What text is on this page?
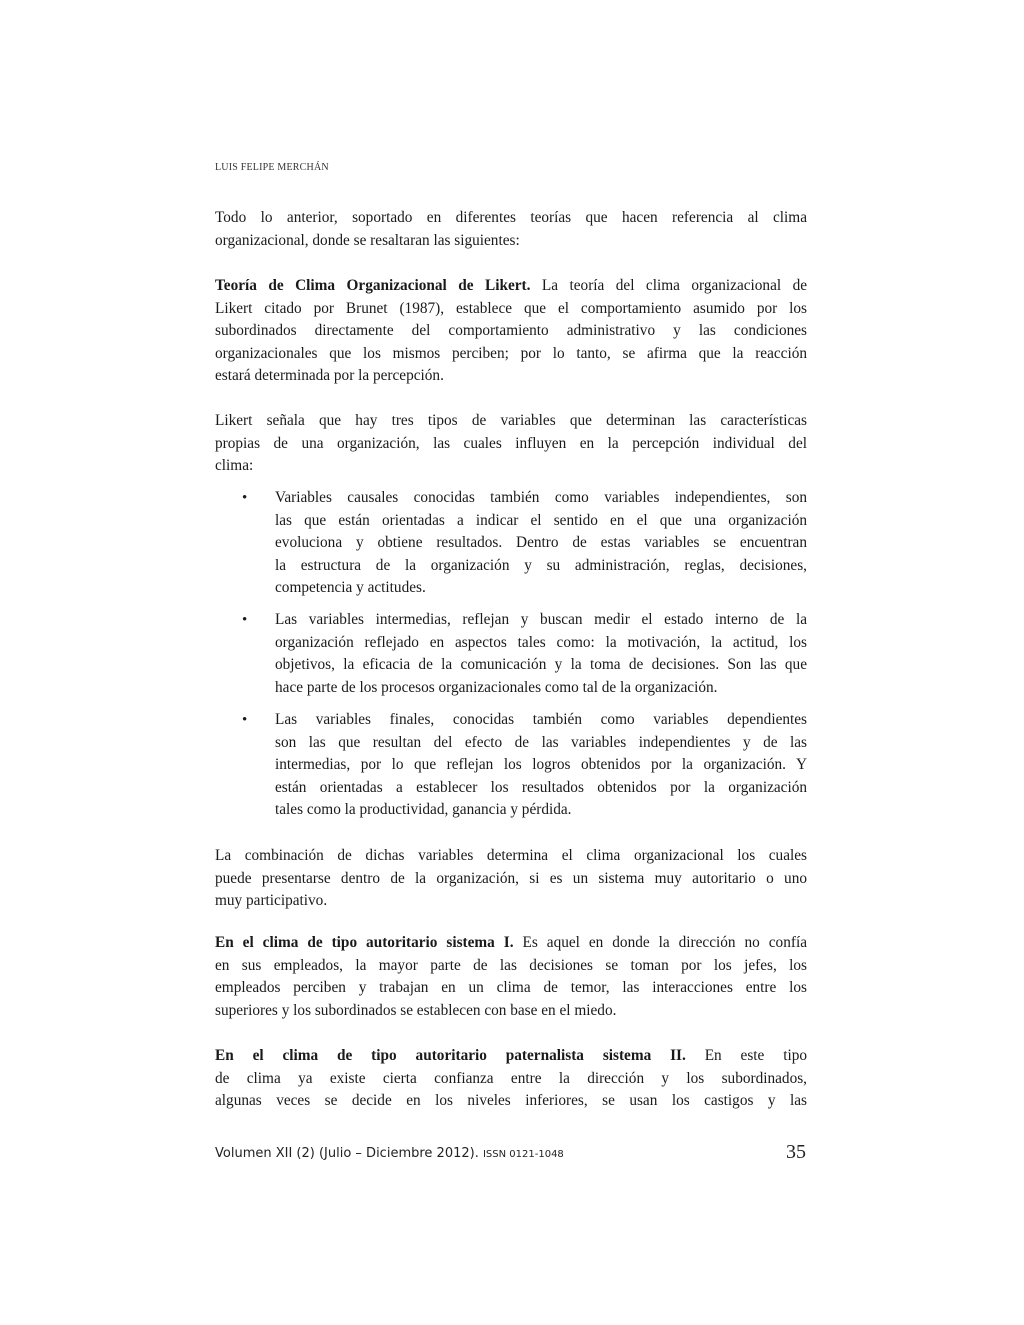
LUIS FELIPE MERCHÁN
Todo lo anterior, soportado en diferentes teorías que hacen referencia al clima
organizacional, donde se resaltaran las siguientes:
Teoría de Clima Organizacional de Likert. La teoría del clima organizacional de
Likert citado por Brunet (1987), establece que el comportamiento asumido por los
subordinados directamente del comportamiento administrativo y las condiciones
organizacionales que los mismos perciben; por lo tanto, se afirma que la reacción
estará determinada por la percepción.
Likert señala que hay tres tipos de variables que determinan las características
propias de una organización, las cuales influyen en la percepción individual del
clima:
• Variables causales conocidas también como variables independientes, son
las que están orientadas a indicar el sentido en el que una organización
evoluciona y obtiene resultados. Dentro de estas variables se encuentran
la estructura de la organización y su administración, reglas, decisiones,
competencia y actitudes.
• Las variables intermedias, reflejan y buscan medir el estado interno de la
organización reflejado en aspectos tales como: la motivación, la actitud, los
objetivos, la eficacia de la comunicación y la toma de decisiones. Son las que
hace parte de los procesos organizacionales como tal de la organización.
• Las variables finales, conocidas también como variables dependientes
son las que resultan del efecto de las variables independientes y de las
intermedias, por lo que reflejan los logros obtenidos por la organización. Y
están orientadas a establecer los resultados obtenidos por la organización
tales como la productividad, ganancia y pérdida.
La combinación de dichas variables determina el clima organizacional los cuales
puede presentarse dentro de la organización, si es un sistema muy autoritario o uno
muy participativo.
En el clima de tipo autoritario sistema I. Es aquel en donde la dirección no confía
en sus empleados, la mayor parte de las decisiones se toman por los jefes, los
empleados perciben y trabajan en un clima de temor, las interacciones entre los
superiores y los subordinados se establecen con base en el miedo.
En el clima de tipo autoritario paternalista sistema II. En este tipo
de clima ya existe cierta confianza entre la dirección y los subordinados,
algunas veces se decide en los niveles inferiores, se usan los castigos y las
Volumen XII (2) (Julio – Diciembre 2012). ISSN 0121-1048	35
